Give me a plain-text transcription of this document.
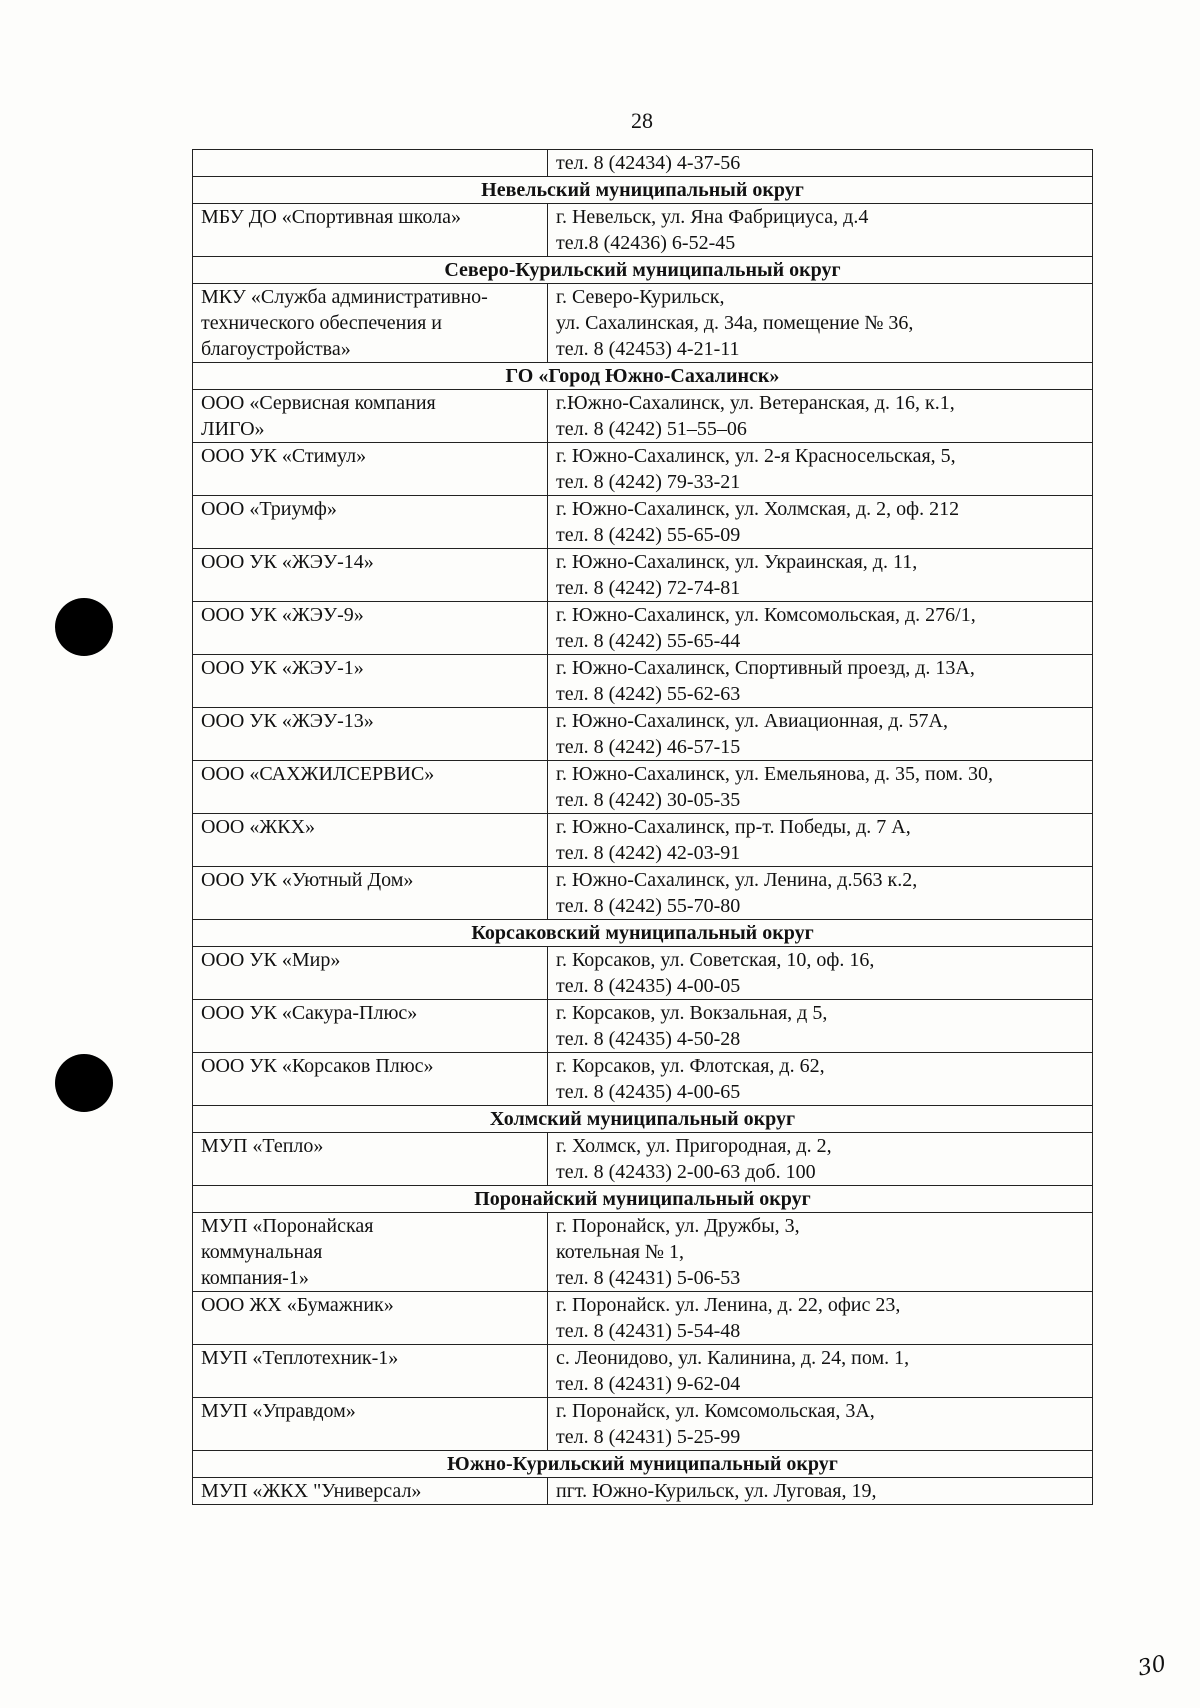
28

	тел. 8 (42434) 4-37-56

Невельский муниципальный округ	

МБУ ДО «Спортивная школа»	г. Невельск, ул. Яна Фабрициуса, д.4
тел.8 (42436) 6-52-45

Северо-Курильский муниципальный округ	

МКУ «Служба административно-
технического обеспечения и
благоустройства»	г. Северо-Курильск,
ул. Сахалинская, д. 34а, помещение № 36,
тел. 8 (42453) 4-21-11

ГО «Город Южно-Сахалинск»	

ООО «Сервисная компания
ЛИГО»	г.Южно-Сахалинск, ул. Ветеранская, д. 16, к.1,
тел. 8 (4242) 51–55–06

ООО УК «Стимул»	г. Южно-Сахалинск, ул. 2-я Красносельская, 5,
тел. 8 (4242) 79-33-21

ООО «Триумф»	г. Южно-Сахалинск, ул. Холмская, д. 2, оф. 212
тел. 8 (4242) 55-65-09

ООО УК «ЖЭУ-14»	г. Южно-Сахалинск, ул. Украинская, д. 11,
тел. 8 (4242) 72-74-81

ООО УК «ЖЭУ-9»	г. Южно-Сахалинск, ул. Комсомольская, д. 276/1,
тел. 8 (4242) 55-65-44

ООО УК «ЖЭУ-1»	г. Южно-Сахалинск, Спортивный проезд, д. 13А,
тел. 8 (4242) 55-62-63

ООО УК «ЖЭУ-13»	г. Южно-Сахалинск, ул. Авиационная, д. 57А,
тел. 8 (4242) 46-57-15

ООО «САХЖИЛСЕРВИС»	г. Южно-Сахалинск, ул. Емельянова, д. 35, пом. 30,
тел. 8 (4242) 30-05-35

ООО «ЖКХ»	г. Южно-Сахалинск, пр-т. Победы, д. 7 А,
тел. 8 (4242) 42-03-91

ООО УК «Уютный Дом»	г. Южно-Сахалинск, ул. Ленина, д.563 к.2,
тел. 8 (4242) 55-70-80

Корсаковский муниципальный округ	

ООО УК «Мир»	г. Корсаков, ул. Советская, 10, оф. 16,
тел. 8 (42435) 4-00-05

ООО УК «Сакура-Плюс»	г. Корсаков, ул. Вокзальная, д 5,
тел. 8 (42435) 4-50-28

ООО УК «Корсаков Плюс»	г. Корсаков, ул. Флотская, д. 62,
тел. 8 (42435) 4-00-65

Холмский муниципальный округ	

МУП «Тепло»	г. Холмск, ул. Пригородная, д. 2,
тел. 8 (42433) 2-00-63 доб. 100

Поронайский муниципальный округ	

МУП «Поронайская
коммунальная
компания-1»	г. Поронайск, ул. Дружбы, 3,
котельная № 1,
тел. 8 (42431) 5-06-53

ООО ЖХ «Бумажник»	г. Поронайск. ул. Ленина, д. 22, офис 23,
тел. 8 (42431) 5-54-48

МУП «Теплотехник-1»	с. Леонидово, ул. Калинина, д. 24, пом. 1,
тел. 8 (42431) 9-62-04

МУП «Управдом»	г. Поронайск, ул. Комсомольская, 3А,
тел. 8 (42431) 5-25-99

Южно-Курильский муниципальный округ	

МУП «ЖКХ "Универсал»	пгт. Южно-Курильск, ул. Луговая, 19,
30
